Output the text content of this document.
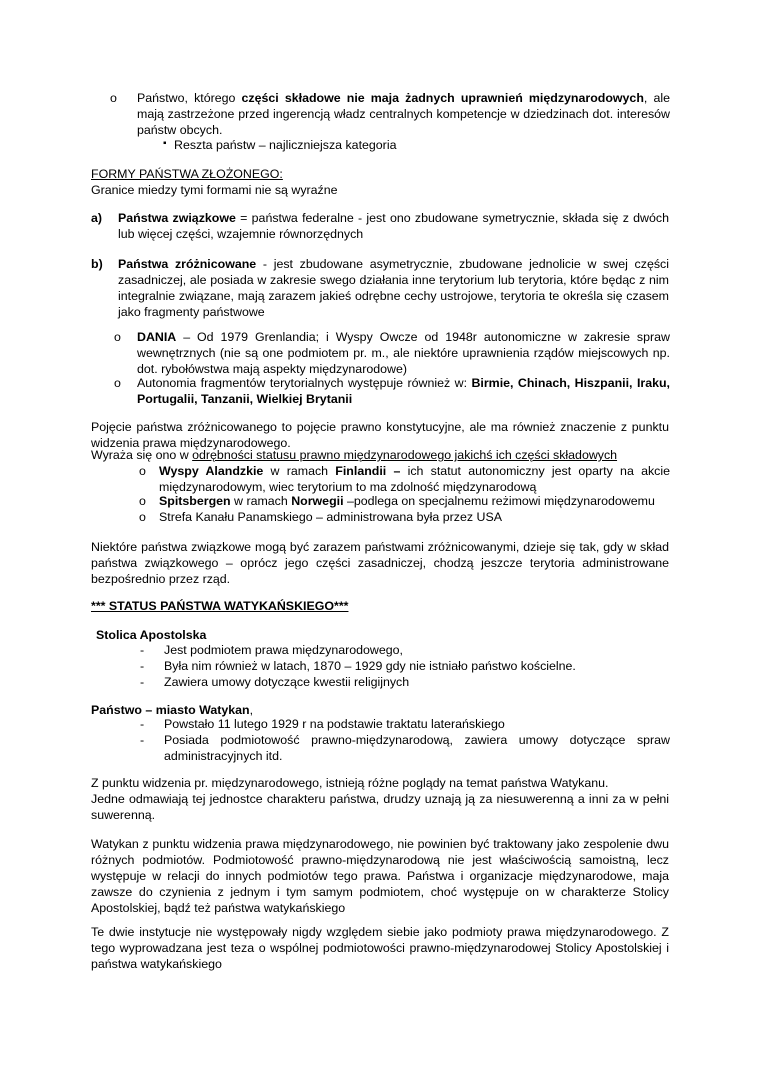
o Państwo, którego części składowe nie maja żadnych uprawnień międzynarodowych, ale mają zastrzeżone przed ingerencją władz centralnych kompetencje w dziedzinach dot. interesów państw obcych.

▪ Reszta państw – najliczniejsza kategoria
FORMY PAŃSTWA ZŁOŻONEGO:
Granice miedzy tymi formami nie są wyraźne
a) Państwa związkowe = państwa federalne - jest ono zbudowane symetrycznie, składa się z dwóch lub więcej części, wzajemnie równorzędnych

b) Państwa zróżnicowane - jest zbudowane asymetrycznie, zbudowane jednolicie w swej części zasadniczej, ale posiada w zakresie swego działania inne terytorium lub terytoria, które będąc z nim integralnie związane, mają zarazem jakieś odrębne cechy ustrojowe, terytoria te określa się czasem jako fragmenty państwowe

o DANIA – Od 1979 Grenlandia; i Wyspy Owcze od 1948r autonomiczne w zakresie spraw wewnętrznych (nie są one podmiotem pr. m., ale niektóre uprawnienia rządów miejscowych np. dot. rybołówstwa mają aspekty międzynarodowe)

o Autonomia fragmentów terytorialnych występuje również w: Birmie, Chinach, Hiszpanii, Iraku, Portugalii, Tanzanii, Wielkiej Brytanii

Pojęcie państwa zróżnicowanego to pojęcie prawno konstytucyjne, ale ma również znaczenie z punktu widzenia prawa międzynarodowego.

Wyraża się ono w odrębności statusu prawno międzynarodowego jakichś ich części składowych

o Wyspy Alandzkie w ramach Finlandii – ich statut autonomiczny jest oparty na akcie międzynarodowym, wiec terytorium to ma zdolność międzynarodową

o Spitsbergen w ramach Norwegii –podlega on specjalnemu reżimowi międzynarodowemu

o Strefa Kanału Panamskiego – administrowana była przez USA

Niektóre państwa związkowe mogą być zarazem państwami zróżnicowanymi, dzieje się tak, gdy w skład państwa związkowego – oprócz jego części zasadniczej, chodzą jeszcze terytoria administrowane bezpośrednio przez rząd.

*** STATUS PAŃSTWA WATYKAŃSKIEGO***
Stolica Apostolska
- Jest podmiotem prawa międzynarodowego,
- Była nim również w latach, 1870 – 1929 gdy nie istniało państwo kościelne.
- Zawiera umowy dotyczące kwestii religijnych
Państwo – miasto Watykan,
- Powstało 11 lutego 1929 r na podstawie traktatu laterańskiego
- Posiada podmiotowość prawno-międzynarodową, zawiera umowy dotyczące spraw administracyjnych itd.

Z punktu widzenia pr. międzynarodowego, istnieją różne poglądy na temat państwa Watykanu.

Jedne odmawiają tej jednostce charakteru państwa, drudzy uznają ją za niesuwerenną a inni za w pełni suwerenną.

Watykan z punktu widzenia prawa międzynarodowego, nie powinien być traktowany jako zespolenie dwu różnych podmiotów. Podmiotowość prawno-międzynarodową nie jest właściwością samoistną, lecz występuje w relacji do innych podmiotów tego prawa. Państwa i organizacje międzynarodowe, maja zawsze do czynienia z jednym i tym samym podmiotem, choć występuje on w charakterze Stolicy Apostolskiej, bądź też państwa watykańskiego

Te dwie instytucje nie występowały nigdy względem siebie jako podmioty prawa międzynarodowego. Z tego wyprowadzana jest teza o wspólnej podmiotowości prawno-międzynarodowej Stolicy Apostolskiej i państwa watykańskiego
